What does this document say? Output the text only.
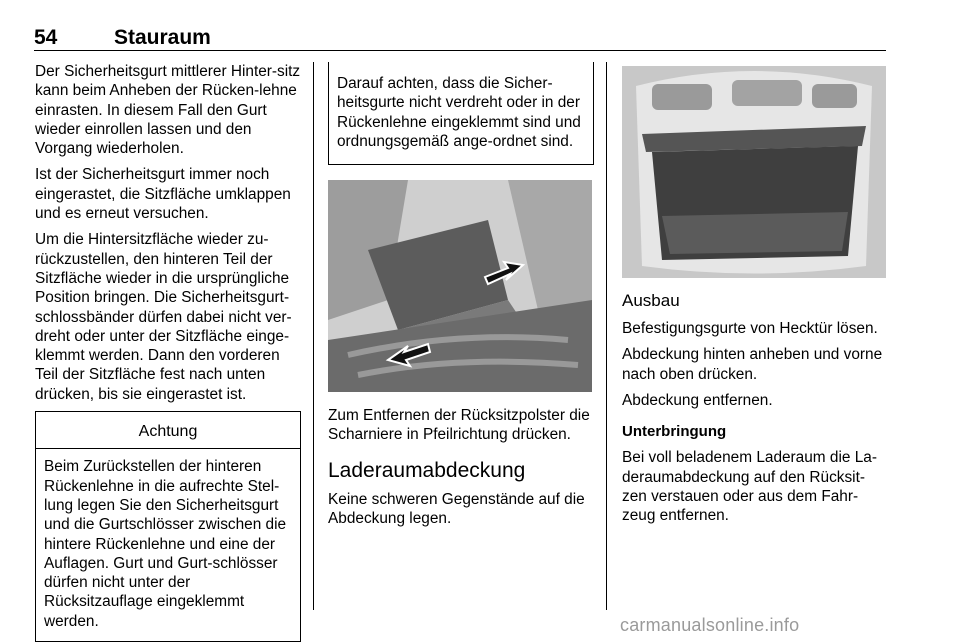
54	Stauraum

Der Sicherheitsgurt mittlerer Hinter-sitz kann beim Anheben der Rücken-lehne einrasten. In diesem Fall den Gurt wieder einrollen lassen und den Vorgang wiederholen.

Ist der Sicherheitsgurt immer noch eingerastet, die Sitzfläche umklappen und es erneut versuchen.

Um die Hintersitzfläche wieder zu-rückzustellen, den hinteren Teil der Sitzfläche wieder in die ursprüngliche Position bringen. Die Sicherheitsgurt-schlossbänder dürfen dabei nicht ver-dreht oder unter der Sitzfläche einge-klemmt werden. Dann den vorderen Teil der Sitzfläche fest nach unten drücken, bis sie eingerastet ist.

Achtung
Beim Zurückstellen der hinteren Rückenlehne in die aufrechte Stel-lung legen Sie den Sicherheitsgurt und die Gurtschlösser zwischen die hintere Rückenlehne und eine der Auflagen. Gurt und Gurt-schlösser dürfen nicht unter der Rücksitzauflage eingeklemmt werden.
Darauf achten, dass die Sicher-heitsgurte nicht verdreht oder in der Rückenlehne eingeklemmt sind und ordnungsgemäß ange-ordnet sind.

Zum Entfernen der Rücksitzpolster die Scharniere in Pfeilrichtung drücken.

Laderaumabdeckung

Keine schweren Gegenstände auf die Abdeckung legen.

Ausbau

Befestigungsgurte von Hecktür lösen.

Abdeckung hinten anheben und vorne nach oben drücken.

Abdeckung entfernen.

Unterbringung

Bei voll beladenem Laderaum die La-deraumabdeckung auf den Rücksit-zen verstauen oder aus dem Fahr-zeug entfernen.

carmanualsonline.info
